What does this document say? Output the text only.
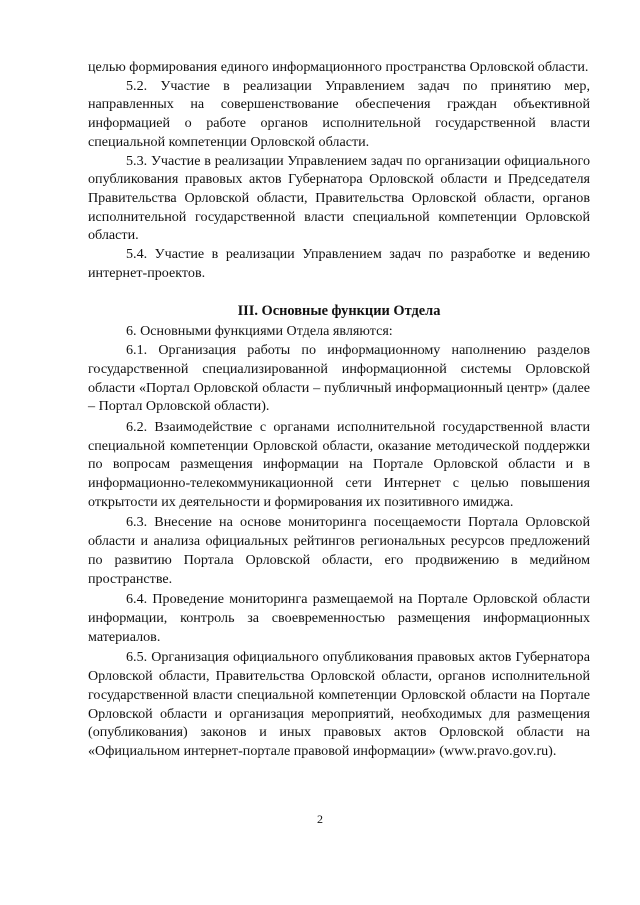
целью формирования единого информационного пространства Орловской области.

5.2. Участие в реализации Управлением задач по принятию мер, направленных на совершенствование обеспечения граждан объективной информацией о работе органов исполнительной государственной власти специальной компетенции Орловской области.

5.3. Участие в реализации Управлением задач по организации официального опубликования правовых актов Губернатора Орловской области и Председателя Правительства Орловской области, Правительства Орловской области, органов исполнительной государственной власти специальной компетенции Орловской области.

5.4. Участие в реализации Управлением задач по разработке и ведению интернет-проектов.

III. Основные функции Отдела

6. Основными функциями Отдела являются:

6.1. Организация работы по информационному наполнению разделов государственной специализированной информационной системы Орловской области «Портал Орловской области – публичный информационный центр» (далее – Портал Орловской области).

6.2. Взаимодействие с органами исполнительной государственной власти специальной компетенции Орловской области, оказание методической поддержки по вопросам размещения информации на Портале Орловской области и в информационно-телекоммуникационной сети Интернет с целью повышения открытости их деятельности и формирования их позитивного имиджа.

6.3. Внесение на основе мониторинга посещаемости Портала Орловской области и анализа официальных рейтингов региональных ресурсов предложений по развитию Портала Орловской области, его продвижению в медийном пространстве.

6.4. Проведение мониторинга размещаемой на Портале Орловской области информации, контроль за своевременностью размещения информационных материалов.

6.5. Организация официального опубликования правовых актов Губернатора Орловской области, Правительства Орловской области, органов исполнительной государственной власти специальной компетенции Орловской области на Портале Орловской области и организация мероприятий, необходимых для размещения (опубликования) законов и иных правовых актов Орловской области на «Официальном интернет-портале правовой информации» (www.pravo.gov.ru).

2
